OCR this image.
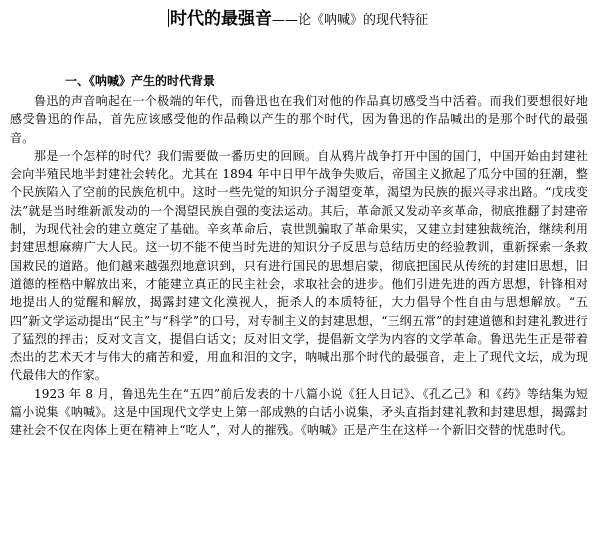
时代的最强音——论《呐喊》的现代特征
一、《呐喊》产生的时代背景

鲁迅的声音响起在一个极端的年代，而鲁迅也在我们对他的作品真切感受当中活着。而我们要想很好地感受鲁迅的作品，首先应该感受他的作品赖以产生的那个时代，因为鲁迅的作品喊出的是那个时代的最强音。

那是一个怎样的时代？我们需要做一番历史的回顾。自从鸦片战争打开中国的国门，中国开始由封建社会向半殖民地半封建社会转化。尤其在 1894 年中日甲午战争失败后，帝国主义掀起了瓜分中国的狂潮，整个民族陷入了空前的民族危机中。这时一些先觉的知识分子渴望变革，渴望为民族的振兴寻求出路。“戊戌变法”就是当时维新派发动的一个渴望民族自强的变法运动。其后，革命派又发动辛亥革命，彻底推翻了封建帝制，为现代社会的建立奠定了基础。辛亥革命后，袁世凯骗取了革命果实，又建立封建独裁统治，继续利用封建思想麻痹广大人民。这一切不能不使当时先进的知识分子反思与总结历史的经验教训，重新探索一条救国救民的道路。他们越来越强烈地意识到，只有进行国民的思想启蒙，彻底把国民从传统的封建旧思想，旧道德的桎梏中解放出来，才能建立真正的民主社会，求取社会的进步。他们引进先进的西方思想，针锋相对地提出人的觉醒和解放，揭露封建文化漠视人，扼杀人的本质特征，大力倡导个性自由与思想解放。“五四”新文学运动提出“民主”与“科学”的口号，对专制主义的封建思想，“三纲五常”的封建道德和封建礼教进行了猛烈的抨击；反对文言文，提倡白话文；反对旧文学，提倡新文学为内容的文学革命。鲁迅先生正是带着杰出的艺术天才与伟大的痛苦和爱，用血和泪的文字，呐喊出那个时代的最强音，走上了现代文坛，成为现代最伟大的作家。

1923 年 8 月，鲁迅先生在“五四”前后发表的十八篇小说《狂人日记》、《孔乙己》和《药》等结集为短篇小说集《呐喊》。这是中国现代文学史上第一部成熟的白话小说集，矛头直指封建礼教和封建思想，揭露封建社会不仅在肉体上更在精神上“吃人”，对人的摧残。《呐喊》正是产生在这样一个新旧交替的忧患时代。
